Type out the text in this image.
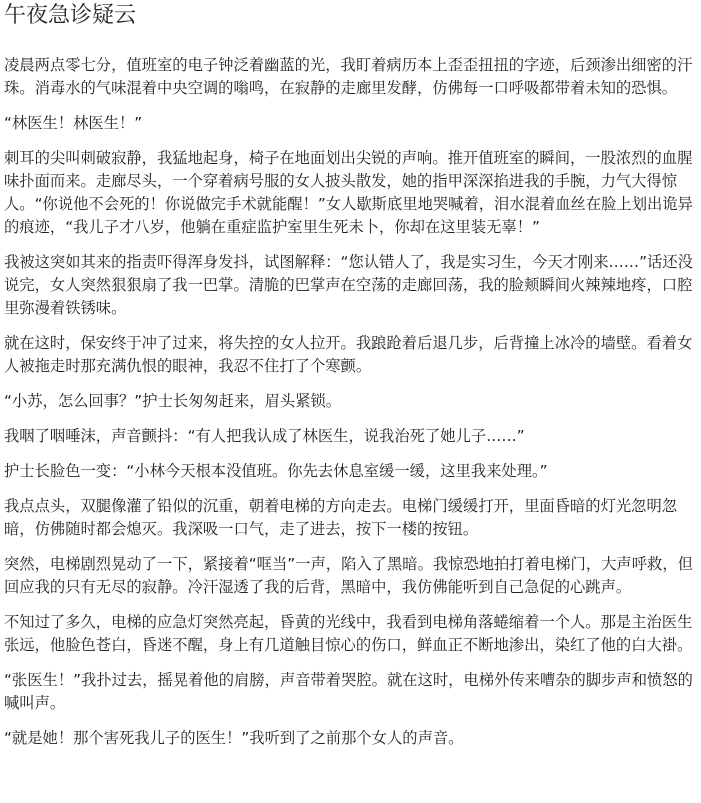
午夜急诊疑云

凌晨两点零七分，值班室的电子钟泛着幽蓝的光，我盯着病历本上歪歪扭扭的字迹，后颈渗出细密的汗珠。消毒水的气味混着中央空调的嗡鸣，在寂静的走廊里发酵，仿佛每一口呼吸都带着未知的恐惧。

“林医生！林医生！”

刺耳的尖叫刺破寂静，我猛地起身，椅子在地面划出尖锐的声响。推开值班室的瞬间，一股浓烈的血腥味扑面而来。走廊尽头，一个穿着病号服的女人披头散发，她的指甲深深掐进我的手腕，力气大得惊人。“你说他不会死的！你说做完手术就能醒！”女人歇斯底里地哭喊着，泪水混着血丝在脸上划出诡异的痕迹，“我儿子才八岁，他躺在重症监护室里生死未卜，你却在这里装无辜！”

我被这突如其来的指责吓得浑身发抖，试图解释：“您认错人了，我是实习生，今天才刚来……”话还没说完，女人突然狠狠扇了我一巴掌。清脆的巴掌声在空荡的走廊回荡，我的脸颊瞬间火辣辣地疼，口腔里弥漫着铁锈味。

就在这时，保安终于冲了过来，将失控的女人拉开。我踉跄着后退几步，后背撞上冰冷的墙壁。看着女人被拖走时那充满仇恨的眼神，我忍不住打了个寒颤。

“小苏，怎么回事？”护士长匆匆赶来，眉头紧锁。

我咽了咽唾沫，声音颤抖：“有人把我认成了林医生，说我治死了她儿子……”

护士长脸色一变：“小林今天根本没值班。你先去休息室缓一缓，这里我来处理。”

我点点头，双腿像灌了铅似的沉重，朝着电梯的方向走去。电梯门缓缓打开，里面昏暗的灯光忽明忽暗，仿佛随时都会熄灭。我深吸一口气，走了进去，按下一楼的按钮。

突然，电梯剧烈晃动了一下，紧接着“哐当”一声，陷入了黑暗。我惊恐地拍打着电梯门，大声呼救，但回应我的只有无尽的寂静。冷汗湿透了我的后背，黑暗中，我仿佛能听到自己急促的心跳声。

不知过了多久，电梯的应急灯突然亮起，昏黄的光线中，我看到电梯角落蜷缩着一个人。那是主治医生张远，他脸色苍白，昏迷不醒，身上有几道触目惊心的伤口，鲜血正不断地渗出，染红了他的白大褂。

“张医生！”我扑过去，摇晃着他的肩膀，声音带着哭腔。就在这时，电梯外传来嘈杂的脚步声和愤怒的喊叫声。

“就是她！那个害死我儿子的医生！”我听到了之前那个女人的声音。
